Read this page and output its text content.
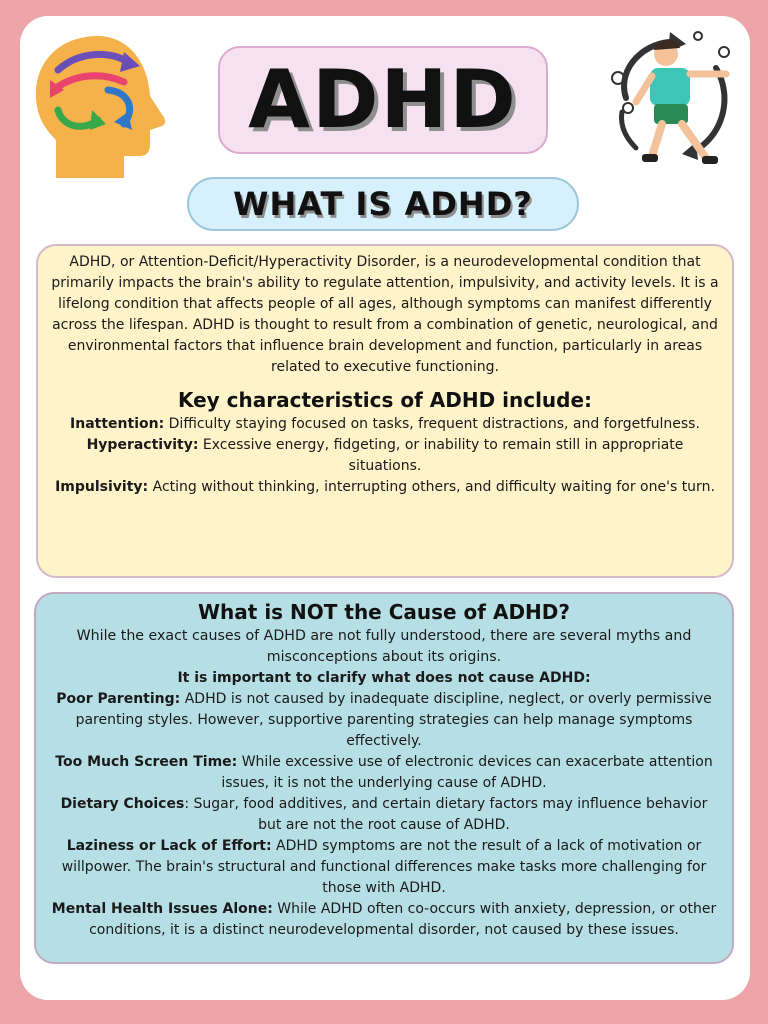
ADHD
WHAT IS ADHD?

ADHD, or Attention-Deficit/Hyperactivity Disorder, is a neurodevelopmental condition that primarily impacts the brain's ability to regulate attention, impulsivity, and activity levels. It is a lifelong condition that affects people of all ages, although symptoms can manifest differently across the lifespan. ADHD is thought to result from a combination of genetic, neurological, and environmental factors that influence brain development and function, particularly in areas related to executive functioning.

Key characteristics of ADHD include:

Inattention: Difficulty staying focused on tasks, frequent distractions, and forgetfulness.

Hyperactivity: Excessive energy, fidgeting, or inability to remain still in appropriate situations.

Impulsivity: Acting without thinking, interrupting others, and difficulty waiting for one's turn.

What is NOT the Cause of ADHD?

While the exact causes of ADHD are not fully understood, there are several myths and misconceptions about its origins.

It is important to clarify what does not cause ADHD:

Poor Parenting: ADHD is not caused by inadequate discipline, neglect, or overly permissive parenting styles. However, supportive parenting strategies can help manage symptoms effectively.

Too Much Screen Time: While excessive use of electronic devices can exacerbate attention issues, it is not the underlying cause of ADHD.

Dietary Choices: Sugar, food additives, and certain dietary factors may influence behavior but are not the root cause of ADHD.

Laziness or Lack of Effort: ADHD symptoms are not the result of a lack of motivation or willpower. The brain's structural and functional differences make tasks more challenging for those with ADHD.

Mental Health Issues Alone: While ADHD often co-occurs with anxiety, depression, or other conditions, it is a distinct neurodevelopmental disorder, not caused by these issues.
